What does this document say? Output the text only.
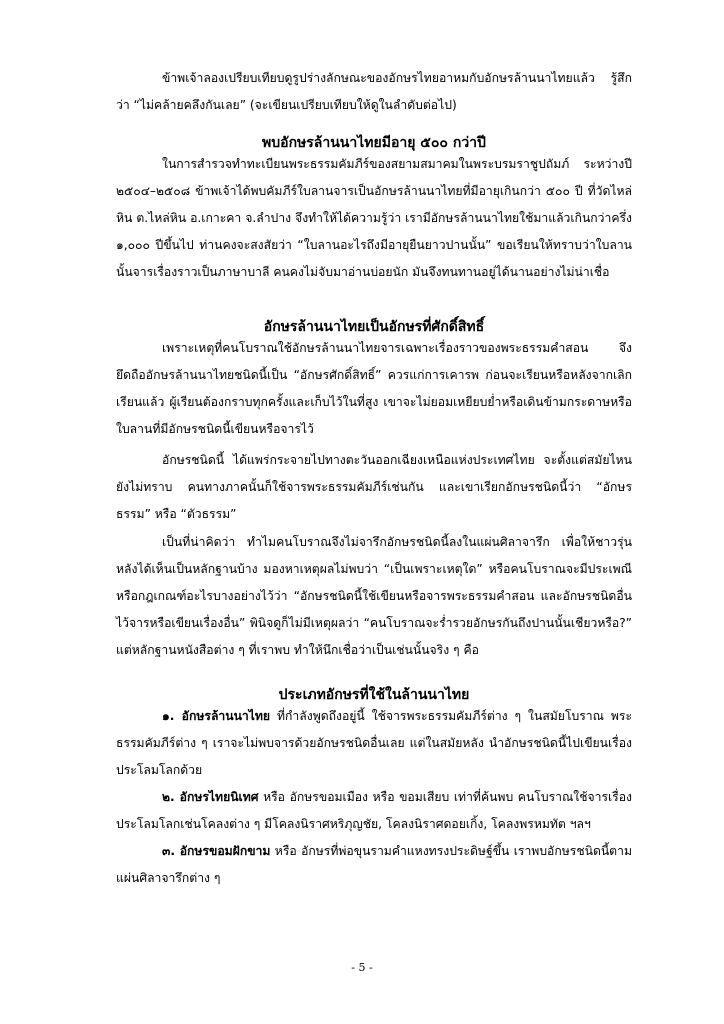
ข้าพเจ้าลองเปรียบเทียบดูรูปร่างลักษณะของอักษรไทยอาหมกับอักษรล้านนาไทยแล้ว รู้สึกว่า “ไม่คล้ายคลึงกันเลย” (จะเขียนเปรียบเทียบให้ดูในลำดับต่อไป)

พบอักษรล้านนาไทยมีอายุ ๕๐๐ กว่าปี

ในการสำรวจทำทะเบียนพระธรรมคัมภีร์ของสยามสมาคมในพระบรมราชูปถัมภ์ ระหว่างปี ๒๕๐๔–๒๕๐๘ ข้าพเจ้าได้พบคัมภีร์ใบลานจารเป็นอักษรล้านนาไทยที่มีอายุเกินกว่า ๕๐๐ ปี ที่วัดไหล่หิน ต.ไหล่หิน อ.เกาะคา จ.ลำปาง จึงทำให้ได้ความรู้ว่า เรามีอักษรล้านนาไทยใช้มาแล้วเกินกว่าครึ่ง ๑,๐๐๐ ปีขึ้นไป ท่านคงจะสงสัยว่า “ใบลานอะไรถึงมีอายุยืนยาวปานนั้น” ขอเรียนให้ทราบว่าใบลานนั้นจารเรื่องราวเป็นภาษาบาลี คนคงไม่จับมาอ่านบ่อยนัก มันจึงทนทานอยู่ได้นานอย่างไม่น่าเชื่อ

อักษรล้านนาไทยเป็นอักษรที่ศักดิ์สิทธิ์

เพราะเหตุที่คนโบราณใช้อักษรล้านนาไทยจารเฉพาะเรื่องราวของพระธรรมคำสอน จึงยึดถืออักษรล้านนาไทยชนิดนี้เป็น “อักษรศักดิ์สิทธิ์” ควรแก่การเคารพ ก่อนจะเรียนหรือหลังจากเลิกเรียนแล้ว ผู้เรียนต้องกราบทุกครั้งและเก็บไว้ในที่สูง เขาจะไม่ยอมเหยียบย่ำหรือเดินข้ามกระดาษหรือใบลานที่มีอักษรชนิดนี้เขียนหรือจารไว้

อักษรชนิดนี้ ได้แพร่กระจายไปทางตะวันออกเฉียงเหนือแห่งประเทศไทย จะตั้งแต่สมัยไหนยังไม่ทราบ คนทางภาคนั้นก็ใช้จารพระธรรมคัมภีร์เช่นกัน และเขาเรียกอักษรชนิดนี้ว่า “อักษรธรรม” หรือ “ตัวธรรม”

เป็นที่น่าคิดว่า ทำไมคนโบราณจึงไม่จารึกอักษรชนิดนี้ลงในแผ่นศิลาจารึก เพื่อให้ชาวรุ่นหลังได้เห็นเป็นหลักฐานบ้าง มองหาเหตุผลไม่พบว่า “เป็นเพราะเหตุใด” หรือคนโบราณจะมีประเพณีหรือกฎเกณฑ์อะไรบางอย่างไว้ว่า “อักษรชนิดนี้ใช้เขียนหรือจารพระธรรมคำสอน และอักษรชนิดอื่นไว้จารหรือเขียนเรื่องอื่น” พินิจดูก็ไม่มีเหตุผลว่า “คนโบราณจะร่ำรวยอักษรกันถึงปานนั้นเชียวหรือ?” แต่หลักฐานหนังสือต่าง ๆ ที่เราพบ ทำให้นึกเชื่อว่าเป็นเช่นนั้นจริง ๆ คือ

ประเภทอักษรที่ใช้ในล้านนาไทย

๑. อักษรล้านนาไทย ที่กำลังพูดถึงอยู่นี้ ใช้จารพระธรรมคัมภีร์ต่าง ๆ ในสมัยโบราณ พระธรรมคัมภีร์ต่าง ๆ เราจะไม่พบจารด้วยอักษรชนิดอื่นเลย แต่ในสมัยหลัง นำอักษรชนิดนี้ไปเขียนเรื่องประโลมโลกด้วย

๒. อักษรไทยนิเทศ หรือ อักษรขอมเมือง หรือ ขอมเสียบ เท่าที่ค้นพบ คนโบราณใช้จารเรื่องประโลมโลกเช่นโคลงต่าง ๆ มีโคลงนิราศหริภุญชัย, โคลงนิราศดอยเกิ้ง, โคลงพรหมทัต ฯลฯ

๓. อักษรขอมฝักขาม หรือ อักษรที่พ่อขุนรามคำแหงทรงประดิษฐ์ขึ้น เราพบอักษรชนิดนี้ตามแผ่นศิลาจารึกต่าง ๆ

- 5 -
